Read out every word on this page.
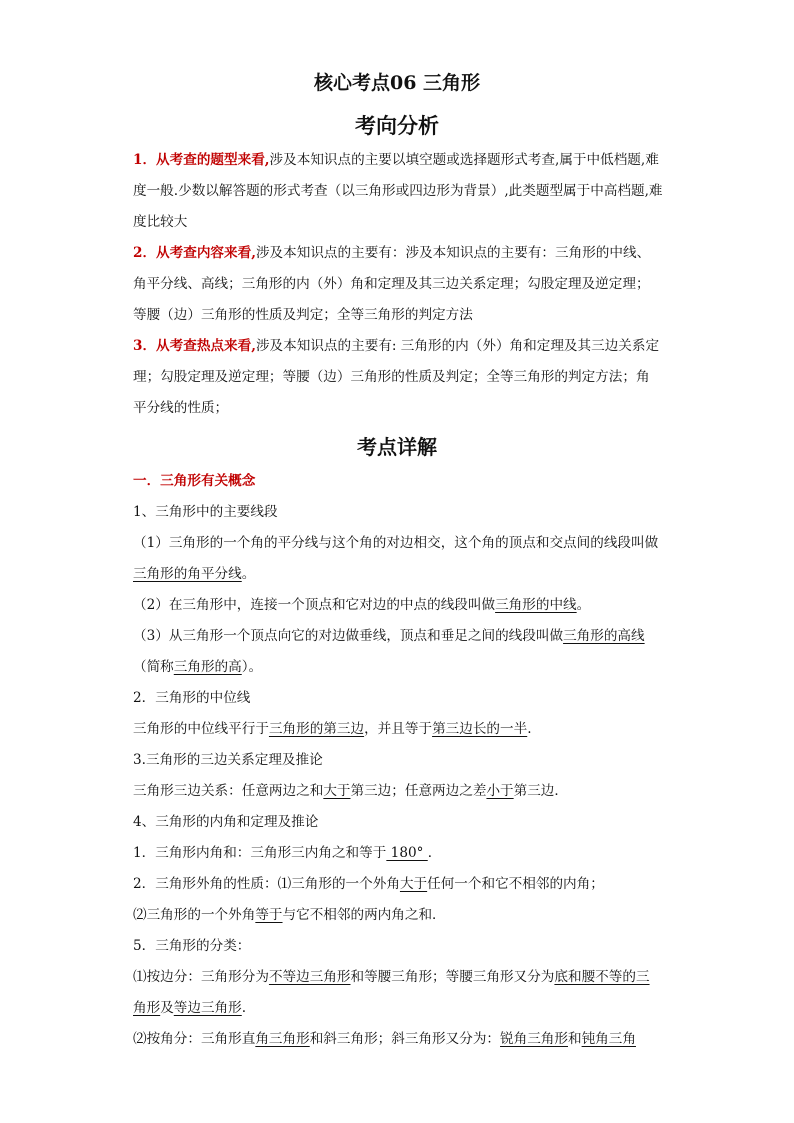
核心考点06 三角形
考向分析

1．从考查的题型来看,涉及本知识点的主要以填空题或选择题形式考查,属于中低档题,难度一般.少数以解答题的形式考查（以三角形或四边形为背景）,此类题型属于中高档题,难度比较大

2．从考查内容来看,涉及本知识点的主要有：涉及本知识点的主要有：三角形的中线、角平分线、高线；三角形的内（外）角和定理及其三边关系定理；勾股定理及逆定理；等腰（边）三角形的性质及判定；全等三角形的判定方法

3．从考查热点来看,涉及本知识点的主要有: 三角形的内（外）角和定理及其三边关系定理；勾股定理及逆定理；等腰（边）三角形的性质及判定；全等三角形的判定方法；角平分线的性质；

考点详解

一．三角形有关概念

1、三角形中的主要线段

（1）三角形的一个角的平分线与这个角的对边相交，这个角的顶点和交点间的线段叫做三角形的角平分线。

（2）在三角形中，连接一个顶点和它对边的中点的线段叫做三角形的中线。

（3）从三角形一个顶点向它的对边做垂线，顶点和垂足之间的线段叫做三角形的高线（简称三角形的高）。

2．三角形的中位线

三角形的中位线平行于三角形的第三边，并且等于第三边长的一半.

3.三角形的三边关系定理及推论

三角形三边关系：任意两边之和大于第三边；任意两边之差小于第三边．

4、三角形的内角和定理及推论

1．三角形内角和：三角形三内角之和等于 180° ．

2．三角形外角的性质：⑴三角形的一个外角大于任何一个和它不相邻的内角；

⑵三角形的一个外角等于与它不相邻的两内角之和．

5．三角形的分类：

⑴按边分：三角形分为不等边三角形和等腰三角形；等腰三角形又分为底和腰不等的三角形及等边三角形.

⑵按角分：三角形直角三角形和斜三角形；斜三角形又分为：锐角三角形和钝角三角
